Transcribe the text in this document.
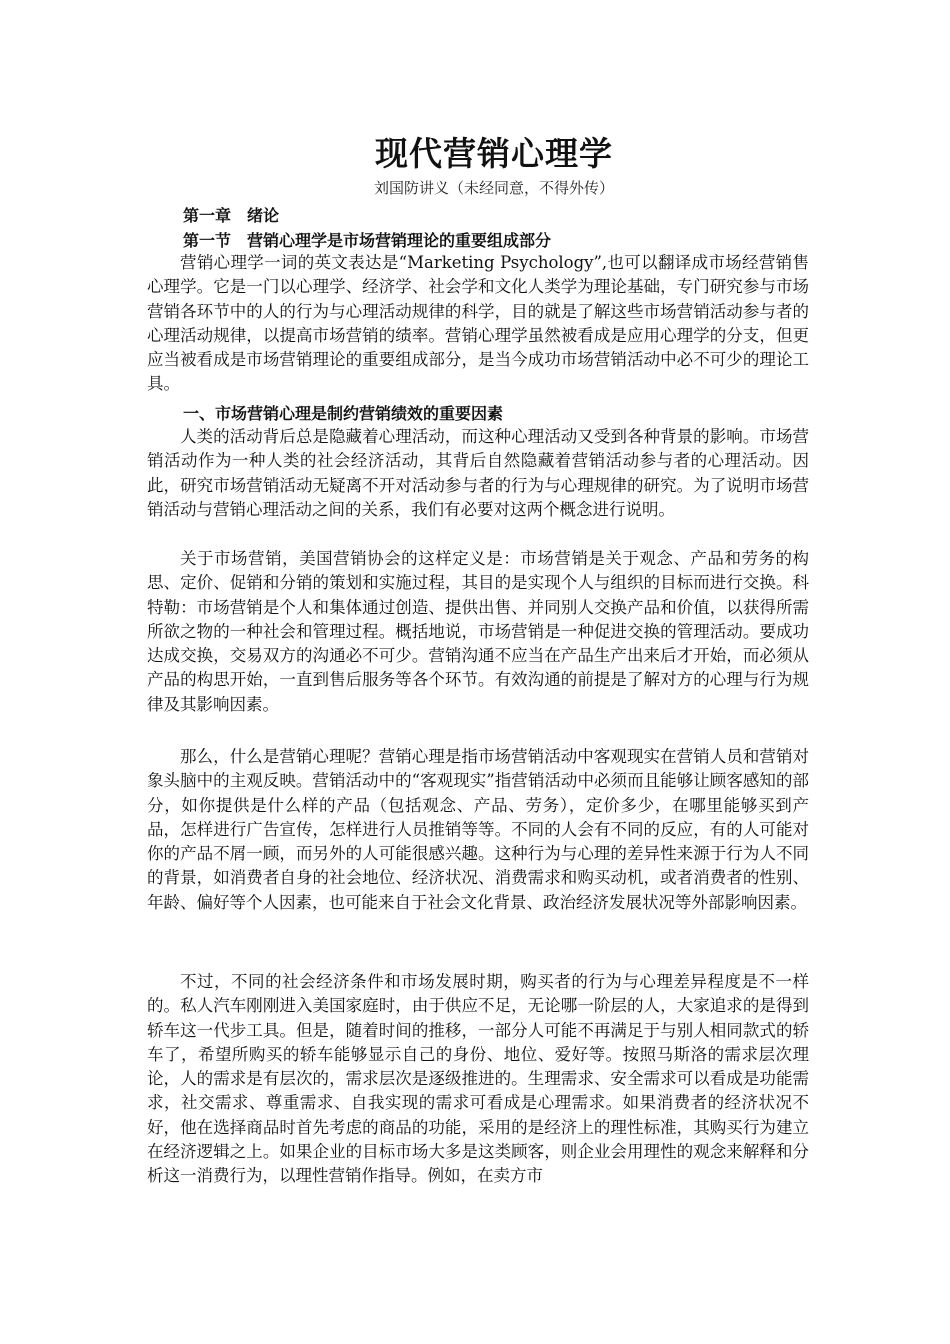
现代营销心理学
刘国防讲义（未经同意，不得外传）
第一章　绪论
第一节　营销心理学是市场营销理论的重要组成部分

营销心理学一词的英文表达是“Marketing Psychology”,也可以翻译成市场经营销售心理学。它是一门以心理学、经济学、社会学和文化人类学为理论基础，专门研究参与市场营销各环节中的人的行为与心理活动规律的科学，目的就是了解这些市场营销活动参与者的心理活动规律，以提高市场营销的绩率。营销心理学虽然被看成是应用心理学的分支，但更应当被看成是市场营销理论的重要组成部分，是当今成功市场营销活动中必不可少的理论工具。

一、市场营销心理是制约营销绩效的重要因素

人类的活动背后总是隐藏着心理活动，而这种心理活动又受到各种背景的影响。市场营销活动作为一种人类的社会经济活动，其背后自然隐藏着营销活动参与者的心理活动。因此，研究市场营销活动无疑离不开对活动参与者的行为与心理规律的研究。为了说明市场营销活动与营销心理活动之间的关系，我们有必要对这两个概念进行说明。

关于市场营销，美国营销协会的这样定义是：市场营销是关于观念、产品和劳务的构思、定价、促销和分销的策划和实施过程，其目的是实现个人与组织的目标而进行交换。科特勒：市场营销是个人和集体通过创造、提供出售、并同别人交换产品和价值，以获得所需所欲之物的一种社会和管理过程。概括地说，市场营销是一种促进交换的管理活动。要成功达成交换，交易双方的沟通必不可少。营销沟通不应当在产品生产出来后才开始，而必须从产品的构思开始，一直到售后服务等各个环节。有效沟通的前提是了解对方的心理与行为规律及其影响因素。

那么，什么是营销心理呢？营销心理是指市场营销活动中客观现实在营销人员和营销对象头脑中的主观反映。营销活动中的“客观现实”指营销活动中必须而且能够让顾客感知的部分，如你提供是什么样的产品（包括观念、产品、劳务），定价多少，在哪里能够买到产品，怎样进行广告宣传，怎样进行人员推销等等。不同的人会有不同的反应，有的人可能对你的产品不屑一顾，而另外的人可能很感兴趣。这种行为与心理的差异性来源于行为人不同的背景，如消费者自身的社会地位、经济状况、消费需求和购买动机，或者消费者的性别、年龄、偏好等个人因素，也可能来自于社会文化背景、政治经济发展状况等外部影响因素。

不过，不同的社会经济条件和市场发展时期，购买者的行为与心理差异程度是不一样的。私人汽车刚刚进入美国家庭时，由于供应不足，无论哪一阶层的人，大家追求的是得到轿车这一代步工具。但是，随着时间的推移，一部分人可能不再满足于与别人相同款式的轿车了，希望所购买的轿车能够显示自己的身份、地位、爱好等。按照马斯洛的需求层次理论，人的需求是有层次的，需求层次是逐级推进的。生理需求、安全需求可以看成是功能需求，社交需求、尊重需求、自我实现的需求可看成是心理需求。如果消费者的经济状况不好，他在选择商品时首先考虑的商品的功能，采用的是经济上的理性标准，其购买行为建立在经济逻辑之上。如果企业的目标市场大多是这类顾客，则企业会用理性的观念来解释和分析这一消费行为，以理性营销作指导。例如，在卖方市
